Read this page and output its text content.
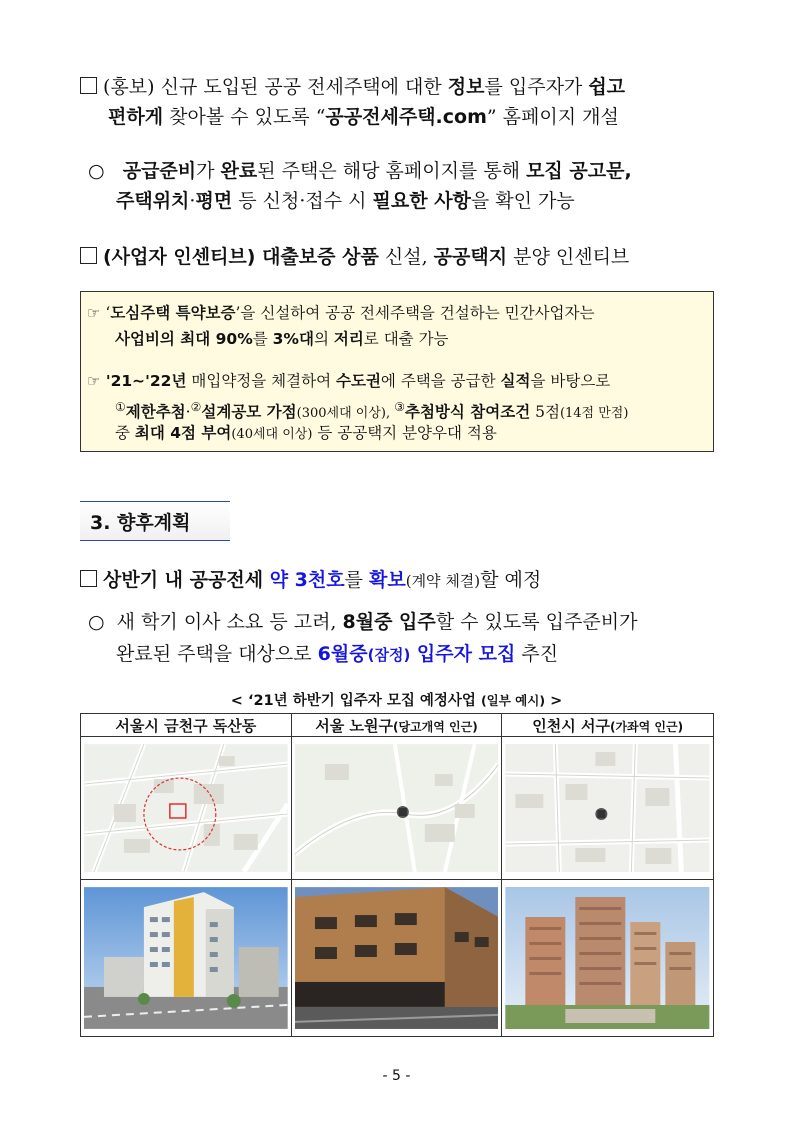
(홍보) 신규 도입된 공공 전세주택에 대한 정보를 입주자가 쉽고
편하게 찾아볼 수 있도록 “공공전세주택.com” 홈페이지 개설
○ 공급준비가 완료된 주택은 해당 홈페이지를 통해 모집 공고문,
주택위치·평면 등 신청·접수 시 필요한 사항을 확인 가능
(사업자 인센티브) 대출보증 상품 신설, 공공택지 분양 인센티브
☞ ‘도심주택 특약보증’을 신설하여 공공 전세주택을 건설하는 민간사업자는
사업비의 최대 90%를 3%대의 저리로 대출 가능
☞ '21∼'22년 매입약정을 체결하여 수도권에 주택을 공급한 실적을 바탕으로
①제한추첨·②설계공모 가점(300세대 이상), ③추첨방식 참여조건 5점(14점 만점)
중 최대 4점 부여(40세대 이상) 등 공공택지 분양우대 적용
3. 향후계획
상반기 내 공공전세 약 3천호를 확보(계약 체결)할 예정
○  새 학기 이사 소요 등 고려, 8월중 입주할 수 있도록 입주준비가
완료된 주택을 대상으로 6월중(잠정) 입주자 모집 추진
< ‘21년 하반기 입주자 모집 예정사업 (일부 예시) >
서울시 금천구 독산동	서울 노원구(당고개역 인근)	인천시 서구(가좌역 인근)

- 5 -
